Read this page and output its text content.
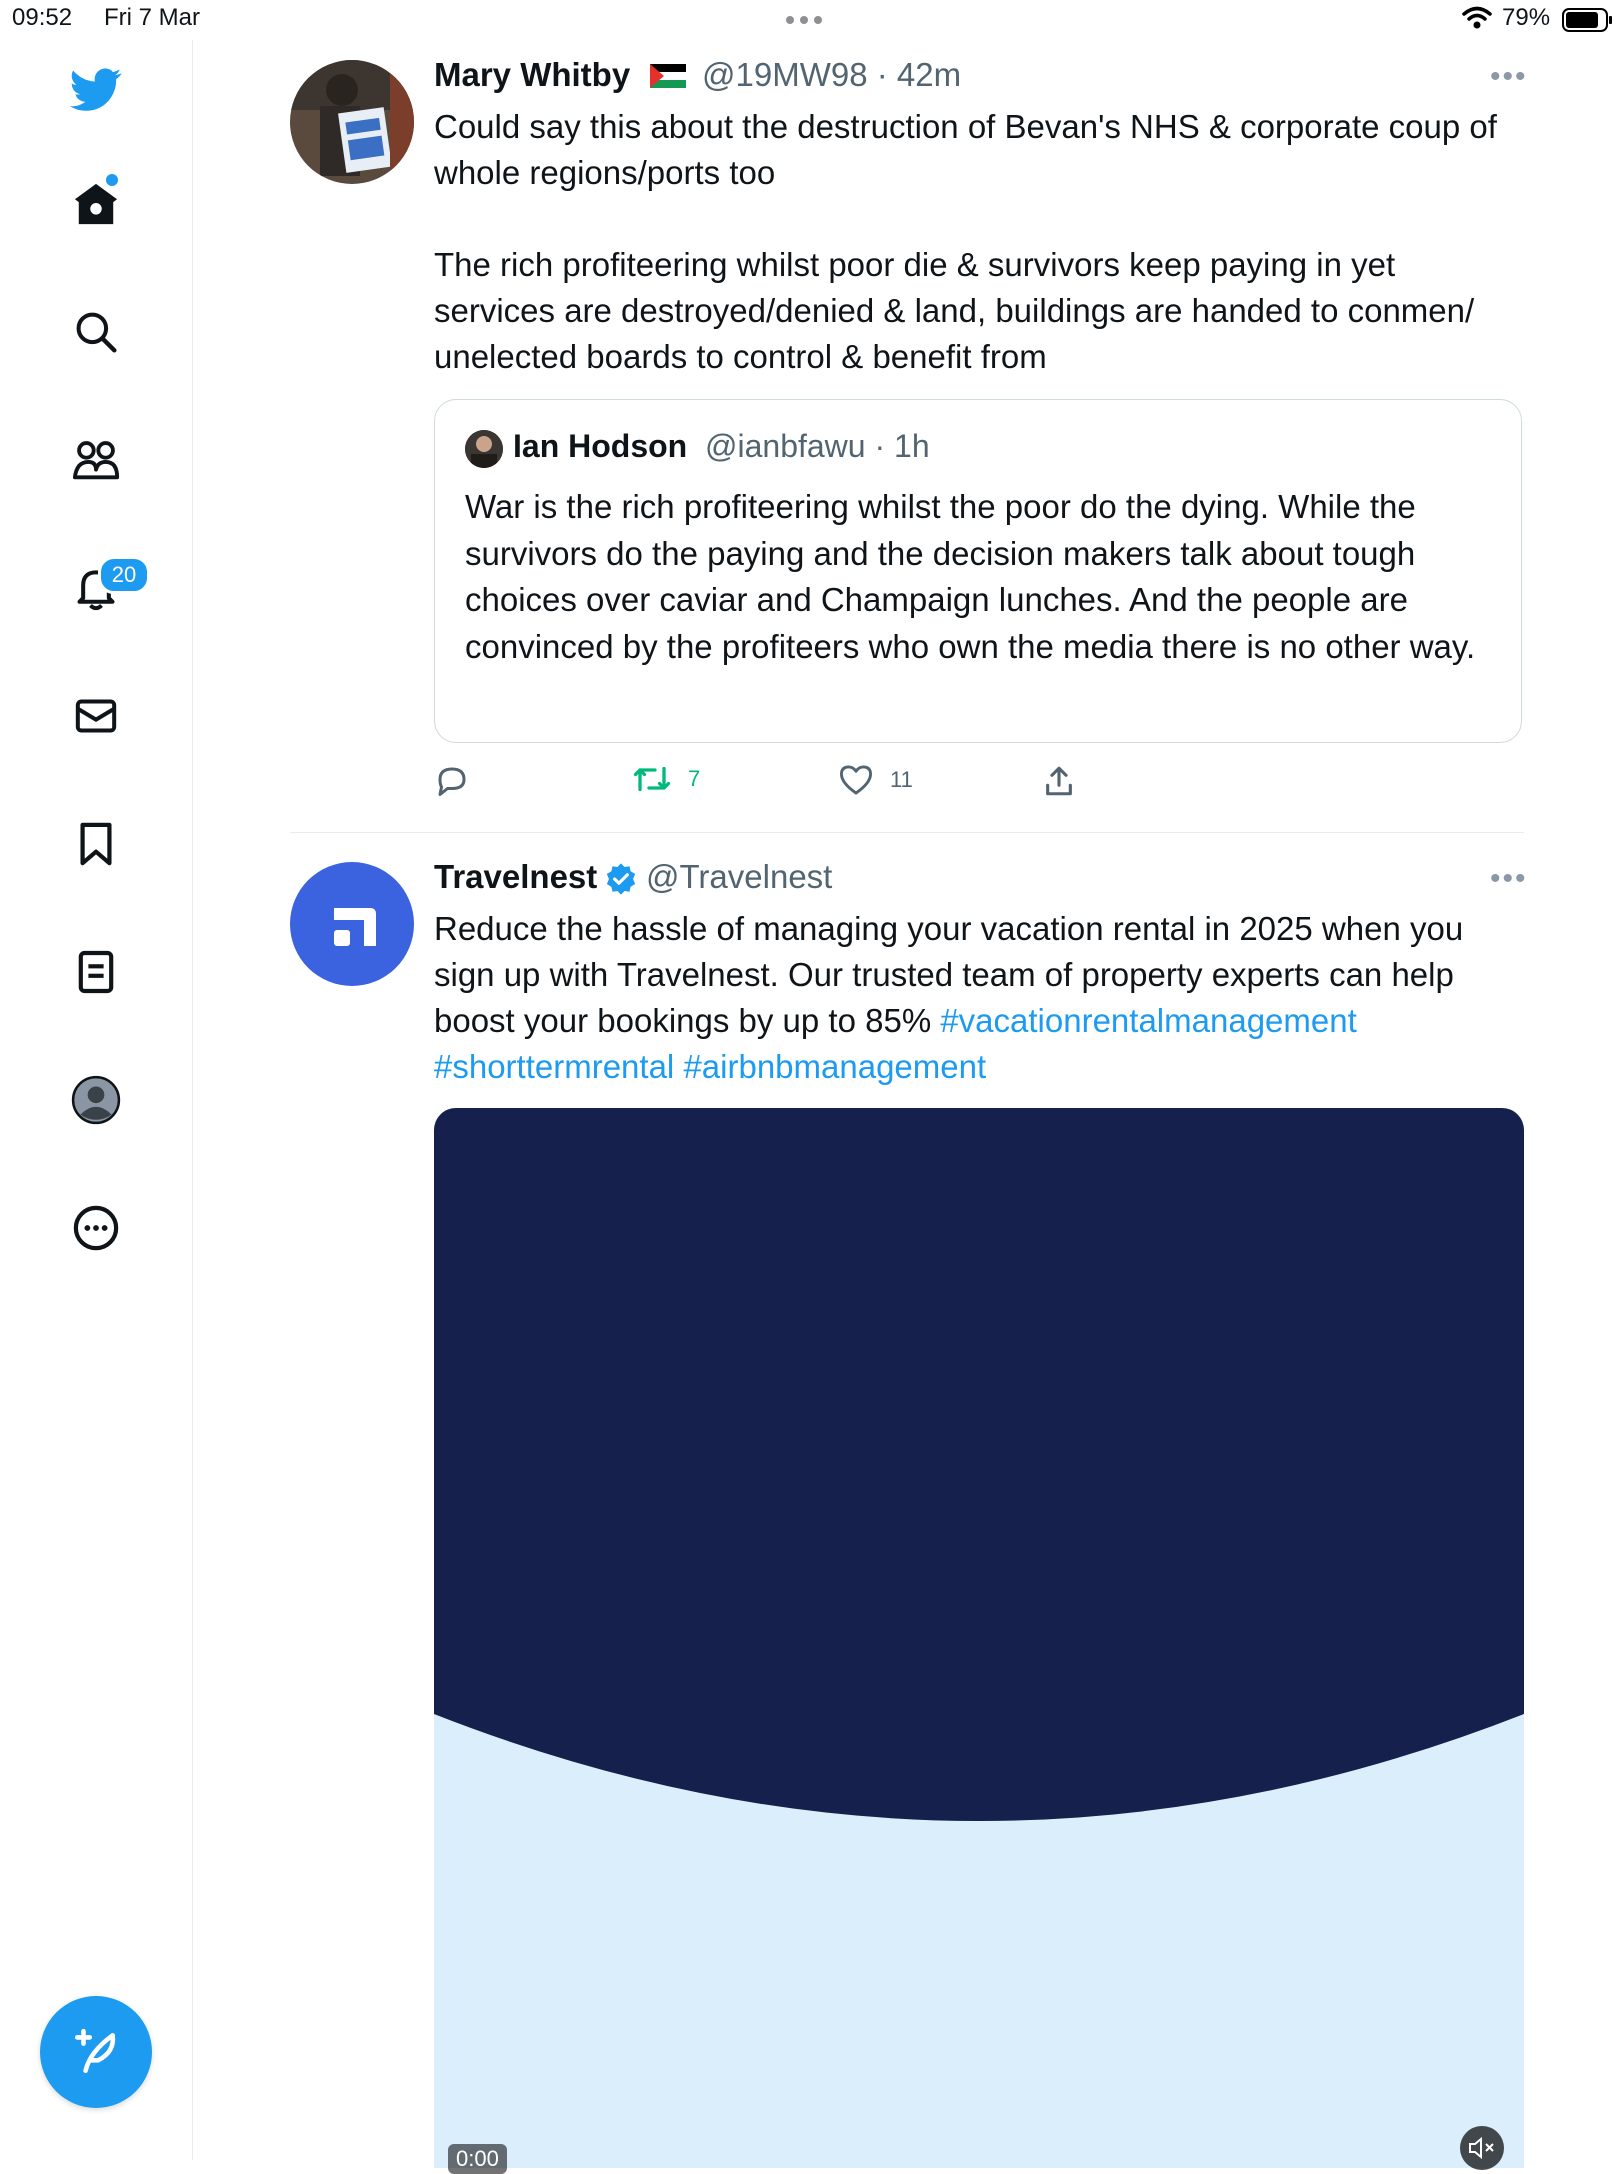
09:52 Fri 7 Mar	79%
20
Mary Whitby @19MW98 · 42m	•••

Could say this about the destruction of Bevan's NHS & corporate coup of whole regions/ports too

The rich profiteering whilst poor die & survivors keep paying in yet services are destroyed/denied & land, buildings are handed to conmen/ unelected boards to control & benefit from

Ian Hodson @ianbfawu · 1h
War is the rich profiteering whilst the poor do the dying. While the survivors do the paying and the decision makers talk about tough choices over caviar and Champaign lunches. And the people are convinced by the profiteers who own the media there is no other way.
7	11
Travelnest @Travelnest	•••
Reduce the hassle of managing your vacation rental in 2025 when you sign up with Travelnest. Our trusted team of property experts can help boost your bookings by up to 85% #vacationrentalmanagement #shorttermrental #airbnbmanagement
0:00
